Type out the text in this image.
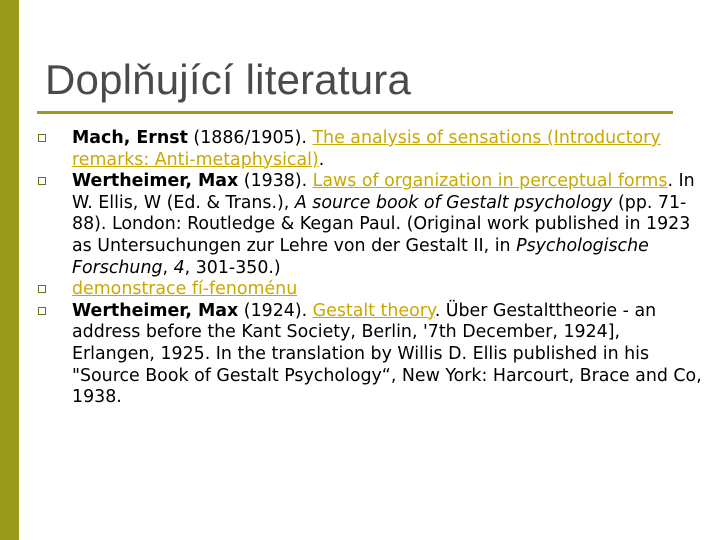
Doplňující literatura
Mach, Ernst (1886/1905). The analysis of sensations (Introductory remarks: Anti-metaphysical).
Wertheimer, Max (1938). Laws of organization in perceptual forms. In W. Ellis, W (Ed. & Trans.), A source book of Gestalt psychology (pp. 71-88). London: Routledge & Kegan Paul. (Original work published in 1923 as Untersuchungen zur Lehre von der Gestalt II, in Psychologische Forschung, 4, 301-350.)
demonstrace fí-fenoménu
Wertheimer, Max (1924). Gestalt theory. Über Gestalttheorie - an address before the Kant Society, Berlin, '7th December, 1924], Erlangen, 1925. In the translation by Willis D. Ellis published in his "Source Book of Gestalt Psychology“, New York: Harcourt, Brace and Co, 1938.
